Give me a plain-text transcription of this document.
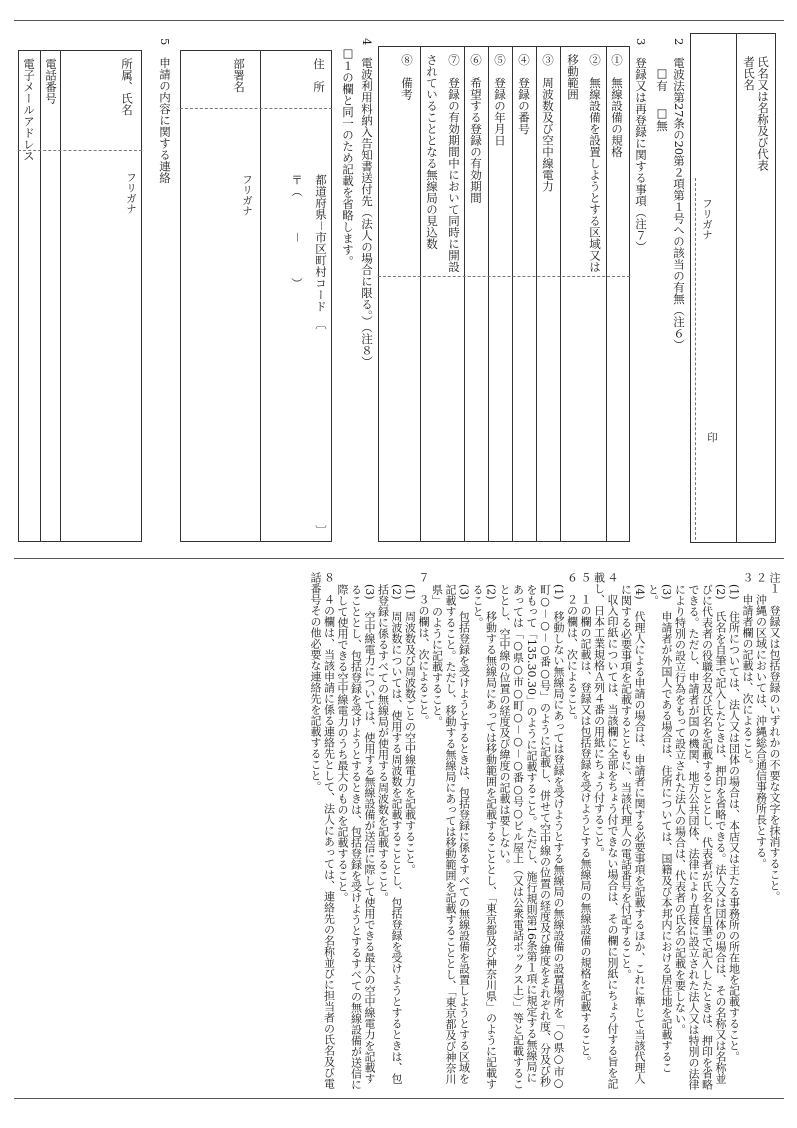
氏名又は名称及び代表者氏名
フリガナ
印
2　電波法第27条の20第２項第１号への該当の有無（注６）
□有
□無
3　登録又は再登録に関する事項（注７）
①　無線設備の規格
②　無線設備を設置しようとする区域又は
移動範囲
③　周波数及び空中線電力
④　登録の番号
⑤　登録の年月日
⑥　希望する登録の有効期間
⑦　登録の有効期間中において同時に開設
されていることとなる無線局の見込数
⑧　備考
4　電波利用料納入告知書送付先（法人の場合に限る。）（注８）
□１の欄と同一のため記載を省略します。
住　所
都道府県－市区町村コード　〔　　　　　　　　　　　　　　　　　〕
〒（　　　－　　　）
部署名
フリガナ
5　申請の内容に関する連絡
所属、氏名
フリガナ
電話番号
電子メールアドレス
注１　登録又は包括登録のいずれかの不要な文字を抹消すること。
２　沖縄の区域においては、沖縄総合通信事務所長とする。
３　申請者欄の記載は、次によること。
(1)　住所については、法人又は団体の場合は、本店又は主たる事務所の所在地を記載すること。
(2)　氏名を自筆で記入したときは、押印を省略できる。法人又は団体の場合は、その名称又は名称並びに代表者の役職名及び氏名を記載することとし、代表者が氏名を自筆で記入したときは、押印を省略できる。ただし、申請者が国の機関、地方公共団体、法律により直接に設立された法人又は特別の法律により特別の設立行為をもって設立された法人の場合は、代表者の氏名の記載を要しない。
(3)　申請者が外国人である場合は、住所については、国籍及び本邦内における居住地を記載すること。
(4)　代理人による申請の場合は、申請者に関する必要事項を記載するほか、これに準じて当該代理人に関する必要事項を記載するとともに、当該代理人の電話番号を付記すること。
４　収入印紙については、当該欄に全部をちょう付できない場合は、その欄に別紙にちょう付する旨を記載し、日本工業規格Ａ列４番の用紙にちょう付すること。
５　１の欄の記載は、登録又は包括登録を受けようとする無線局の無線設備の規格を記載すること。
６　２の欄は、次によること。
(1)　移動しない無線局にあっては登録を受けようとする無線局の無線設備の設置場所を「○県○市○町○－○－○番○号」のように記載し、併せて空中線の位置の経度及び緯度をそれぞれ度、分及び秒をもって「135.30.30」のように記載すること。ただし、施行規則第16条第１項に規定する無線局にあっては「○県○市○町○－○－○番○号○ビル屋上（又は公衆電話ボックス上）」等と記載することとし、空中線の位置の経度及び緯度の記載は要しない。
(2)　移動する無線局にあっては移動範囲を記載することとし、「東京都及び神奈川県」のように記載すること。
(3)　包括登録を受けようとするときは、包括登録に係るすべての無線設備を設置しようとする区域を記載すること。ただし、移動する無線局にあっては移動範囲を記載することとし、「東京都及び神奈川県」のように記載すること。
７　３の欄は、次によること。
(1)　周波数及び周波数ごとの空中線電力を記載すること。
(2)　周波数については、使用する周波数を記載することとし、包括登録を受けようとするときは、包括登録に係るすべての無線局が使用する周波数を記載すること。
(3)　空中線電力については、使用する無線設備が送信に際して使用できる最大の空中線電力を記載することとし、包括登録を受けようとするときは、包括登録を受けようとするすべての無線設備が送信に際して使用できる空中線電力のうち最大のものを記載すること。
８　４の欄は、当該申請に係る連絡先として、法人にあっては、連絡先の名称並びに担当者の氏名及び電話番号その他必要な連絡先を記載すること。
